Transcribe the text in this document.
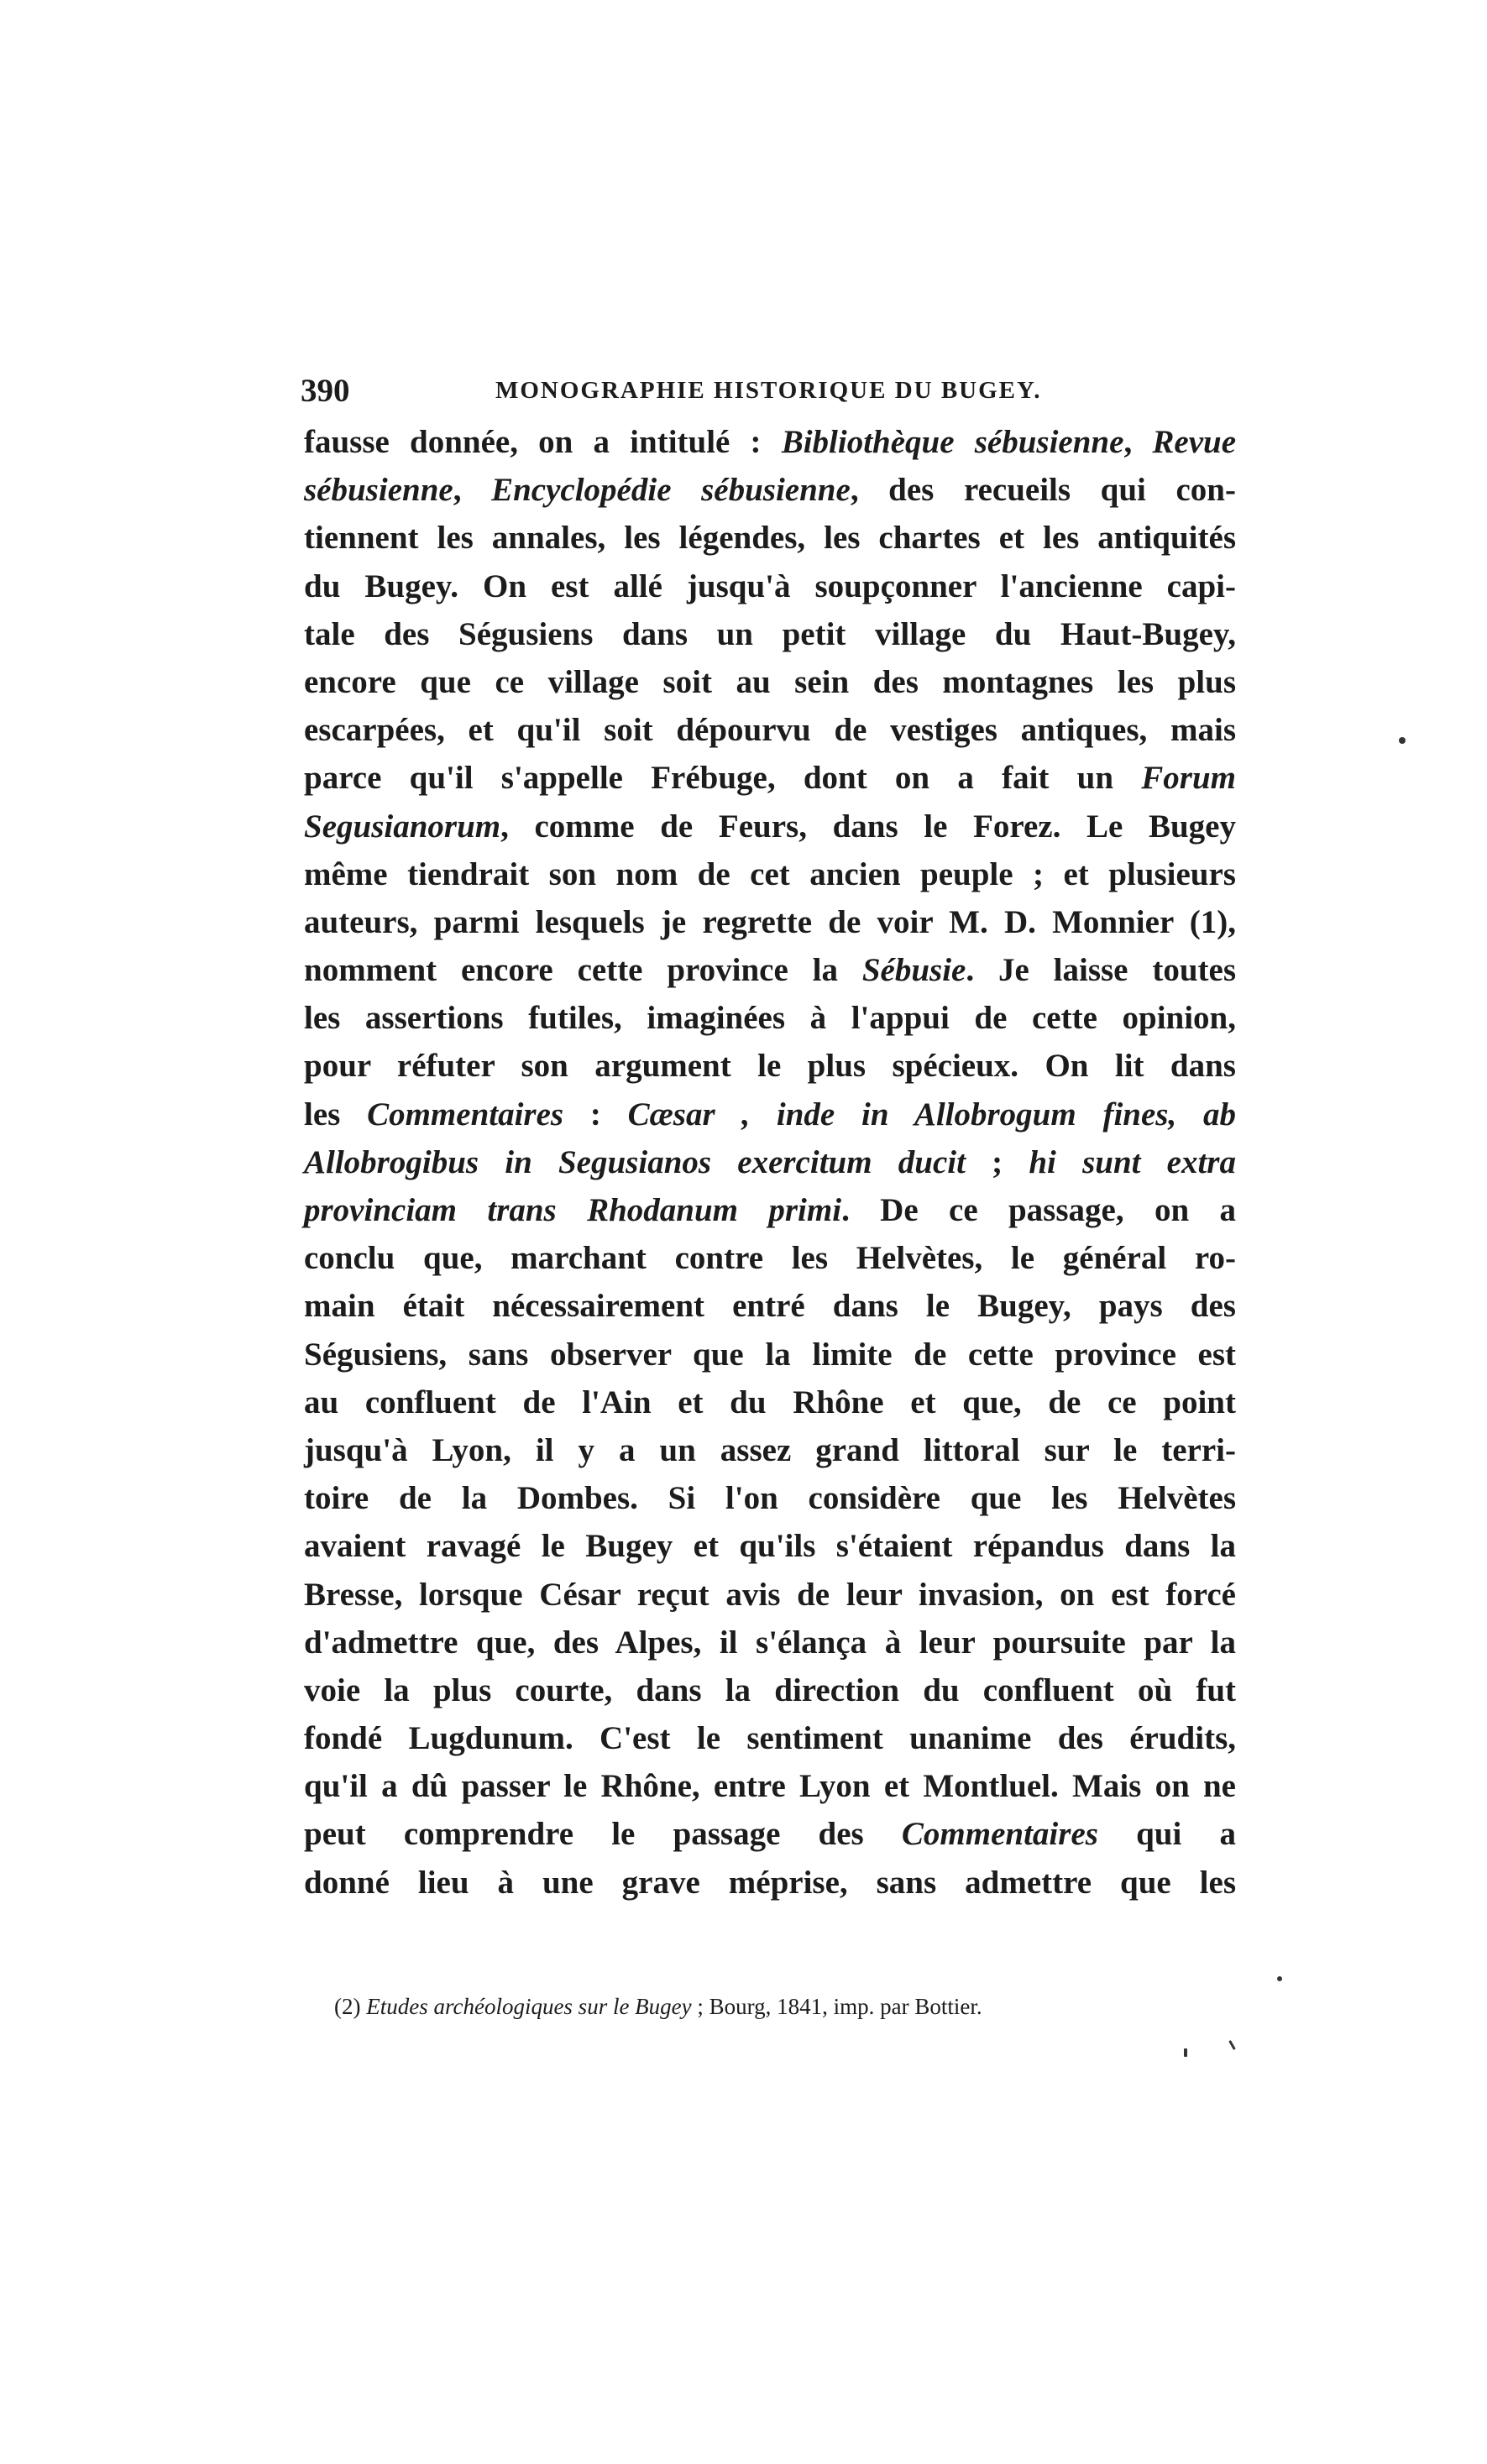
390	MONOGRAPHIE HISTORIQUE DU BUGEY.
fausse donnée, on a intitulé : Bibliothèque sébusienne, Revue
sébusienne, Encyclopédie sébusienne, des recueils qui con-
tiennent les annales, les légendes, les chartes et les antiquités
du Bugey. On est allé jusqu'à soupçonner l'ancienne capi-
tale des Ségusiens dans un petit village du Haut-Bugey,
encore que ce village soit au sein des montagnes les plus
escarpées, et qu'il soit dépourvu de vestiges antiques, mais
parce qu'il s'appelle Frébuge, dont on a fait un Forum
Segusianorum, comme de Feurs, dans le Forez. Le Bugey
même tiendrait son nom de cet ancien peuple ; et plusieurs
auteurs, parmi lesquels je regrette de voir M. D. Monnier (1),
nomment encore cette province la Sébusie. Je laisse toutes
les assertions futiles, imaginées à l'appui de cette opinion,
pour réfuter son argument le plus spécieux. On lit dans
les Commentaires : Cæsar , inde in Allobrogum fines, ab
Allobrogibus in Segusianos exercitum ducit ; hi sunt extra
provinciam trans Rhodanum primi. De ce passage, on a
conclu que, marchant contre les Helvètes, le général ro-
main était nécessairement entré dans le Bugey, pays des
Ségusiens, sans observer que la limite de cette province est
au confluent de l'Ain et du Rhône et que, de ce point
jusqu'à Lyon, il y a un assez grand littoral sur le terri-
toire de la Dombes. Si l'on considère que les Helvètes
avaient ravagé le Bugey et qu'ils s'étaient répandus dans la
Bresse, lorsque César reçut avis de leur invasion, on est forcé
d'admettre que, des Alpes, il s'élança à leur poursuite par la
voie la plus courte, dans la direction du confluent où fut
fondé Lugdunum. C'est le sentiment unanime des érudits,
qu'il a dû passer le Rhône, entre Lyon et Montluel. Mais on ne
peut comprendre le passage des Commentaires qui a
donné lieu à une grave méprise, sans admettre que les
(2) Etudes archéologiques sur le Bugey ; Bourg, 1841, imp. par Bottier.
